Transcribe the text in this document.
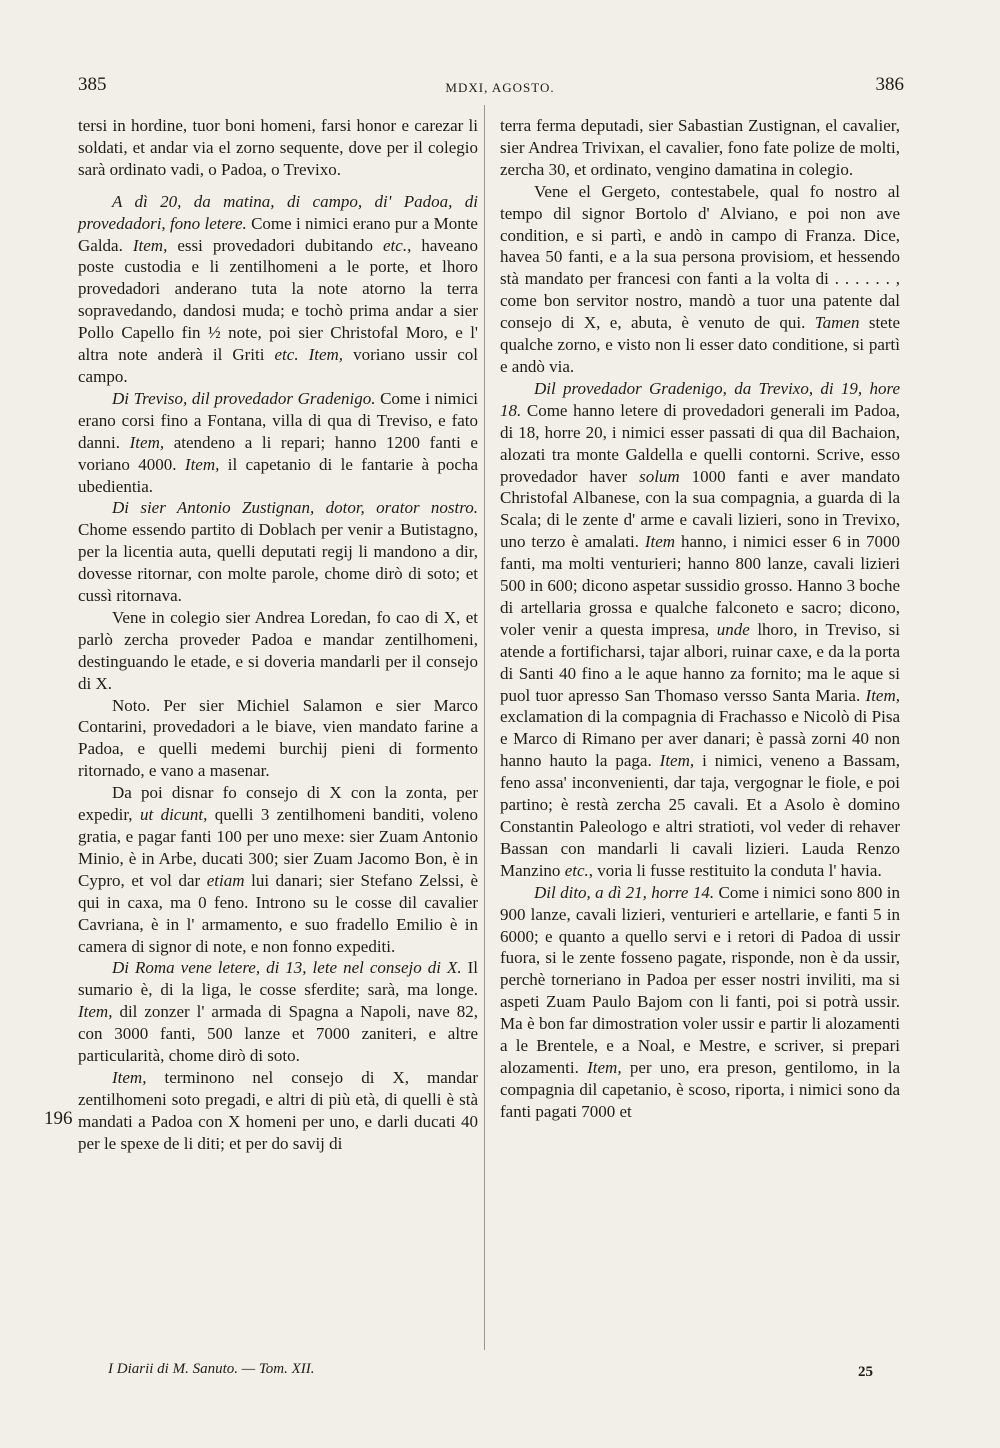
385	MDXI, AGOSTO.	386

tersi in hordine, tuor boni homeni, farsi honor e carezar li soldati, et andar via el zorno sequente, dove per il colegio sarà ordinato vadi, o Padoa, o Trevixo.

A dì 20, da matina, di campo, di' Padoa, di provedadori, fono letere. Come i nimici erano pur a Monte Galda. Item, essi provedadori dubitando etc., haveano poste custodia e li zentilhomeni a le porte, et lhoro provedadori anderano tuta la note atorno la terra sopravedando, dandosi muda; e tochò prima andar a sier Pollo Capello fin ½ note, poi sier Christofal Moro, e l' altra note anderà il Griti etc. Item, voriano ussir col campo.

Di Treviso, dil provedador Gradenigo. Come i nimici erano corsi fino a Fontana, villa di qua di Treviso, e fato danni. Item, atendeno a li repari; hanno 1200 fanti e voriano 4000. Item, il capetanio di le fantarie à pocha ubedientia.

Di sier Antonio Zustignan, dotor, orator nostro. Chome essendo partito di Doblach per venir a Butistagno, per la licentia auta, quelli deputati regij li mandono a dir, dovesse ritornar, con molte parole, chome dirò di soto; et cussì ritornava.

Vene in colegio sier Andrea Loredan, fo cao di X, et parlò zercha proveder Padoa e mandar zentilhomeni, destinguando le etade, e si doveria mandarli per il consejo di X.

Noto. Per sier Michiel Salamon e sier Marco Contarini, provedadori a le biave, vien mandato farine a Padoa, e quelli medemi burchij pieni di formento ritornado, e vano a masenar.

Da poi disnar fo consejo di X con la zonta, per expedir, ut dicunt, quelli 3 zentilhomeni banditi, voleno gratia, e pagar fanti 100 per uno mexe: sier Zuam Antonio Minio, è in Arbe, ducati 300; sier Zuam Jacomo Bon, è in Cypro, et vol dar etiam lui danari; sier Stefano Zelssi, è qui in caxa, ma 0 feno. Introno su le cosse dil cavalier Cavriana, è in l' armamento, e suo fradello Emilio è in camera di signor di note, e non fonno expediti.

Di Roma vene letere, di 13, lete nel consejo di X. Il sumario è, di la liga, le cosse sferdite; sarà, ma longe. Item, dil zonzer l' armada di Spagna a Napoli, nave 82, con 3000 fanti, 500 lanze et 7000 zaniteri, e altre particularità, chome dirò di soto.

Item, terminono nel consejo di X, mandar zentilhomeni soto pregadi, e altri di più età, di quelli è stà mandati a Padoa con X homeni per uno, e darli ducati 40 per le spexe de li diti; et per do savij di

terra ferma deputadi, sier Sabastian Zustignan, el cavalier, sier Andrea Trivixan, el cavalier, fono fate polize de molti, zercha 30, et ordinato, vengino damatina in colegio.

Vene el Gergeto, contestabele, qual fo nostro al tempo dil signor Bortolo d' Alviano, e poi non ave condition, e si partì, e andò in campo di Franza. Dice, havea 50 fanti, e a la sua persona provisiom, et hessendo stà mandato per francesi con fanti a la volta di . . . . . . , come bon servitor nostro, mandò a tuor una patente dal consejo di X, e, abuta, è venuto de qui. Tamen stete qualche zorno, e visto non li esser dato conditione, si partì e andò via.

Dil provedador Gradenigo, da Trevixo, di 19, hore 18. Come hanno letere di provedadori generali im Padoa, di 18, horre 20, i nimici esser passati di qua dil Bachaion, alozati tra monte Galdella e quelli contorni. Scrive, esso provedador haver solum 1000 fanti e aver mandato Christofal Albanese, con la sua compagnia, a guarda di la Scala; di le zente d' arme e cavali lizieri, sono in Trevixo, uno terzo è amalati. Item hanno, i nimici esser 6 in 7000 fanti, ma molti venturieri; hanno 800 lanze, cavali lizieri 500 in 600; dicono aspetar sussidio grosso. Hanno 3 boche di artellaria grossa e qualche falconeto e sacro; dicono, voler venir a questa impresa, unde lhoro, in Treviso, si atende a fortificharsi, tajar albori, ruinar caxe, e da la porta di Santi 40 fino a le aque hanno za fornito; ma le aque si puol tuor apresso San Thomaso versso Santa Maria. Item, exclamation di la compagnia di Frachasso e Nicolò di Pisa e Marco di Rimano per aver danari; è passà zorni 40 non hanno hauto la paga. Item, i nimici, veneno a Bassam, feno assa' inconvenienti, dar taja, vergognar le fiole, e poi partino; è restà zercha 25 cavali. Et a Asolo è domino Constantin Paleologo e altri stratioti, vol veder di rehaver Bassan con mandarli li cavali lizieri. Lauda Renzo Manzino etc., voria li fusse restituito la conduta l' havia.

Dil dito, a dì 21, horre 14. Come i nimici sono 800 in 900 lanze, cavali lizieri, venturieri e artellarie, e fanti 5 in 6000; e quanto a quello servi e i retori di Padoa di ussir fuora, si le zente fosseno pagate, risponde, non è da ussir, perchè torneriano in Padoa per esser nostri inviliti, ma si aspeti Zuam Paulo Bajom con li fanti, poi si potrà ussir. Ma è bon far dimostration voler ussir e partir li alozamenti a le Brentele, e a Noal, e Mestre, e scriver, si prepari alozamenti. Item, per uno, era preson, gentilomo, in la compagnia dil capetanio, è scoso, riporta, i nimici sono da fanti pagati 7000 et

196
I Diarii di M. Sanuto. — Tom. XII.	25
